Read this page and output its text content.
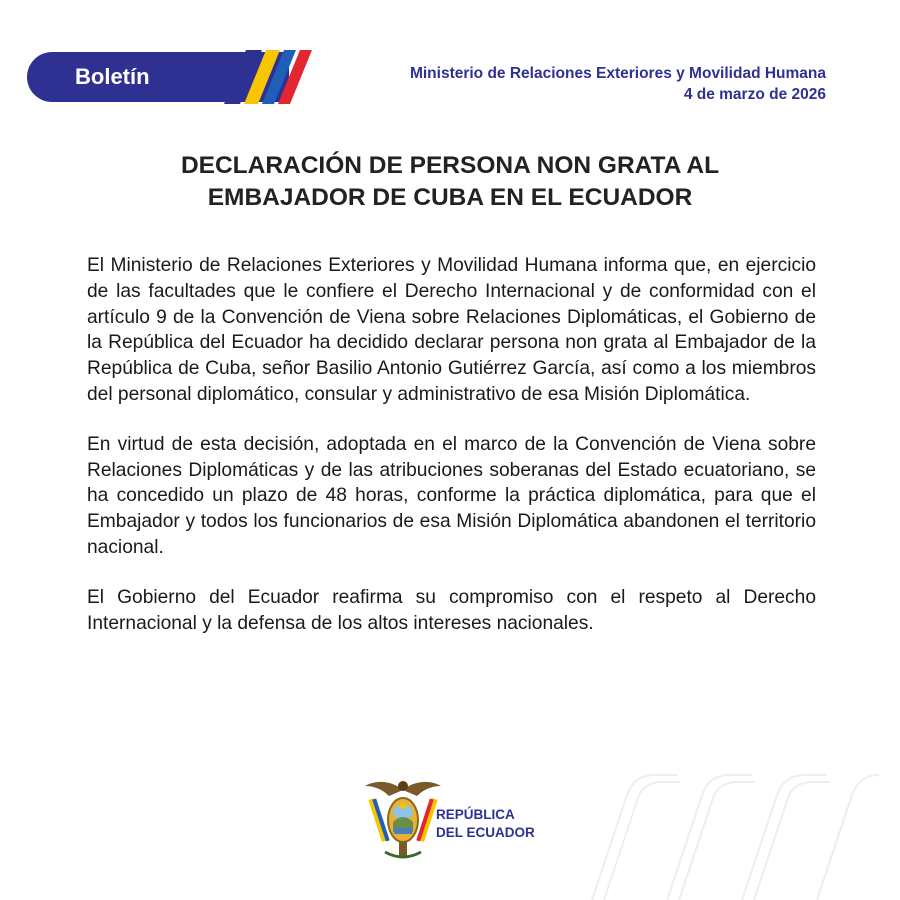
Boletín	Ministerio de Relaciones Exteriores y Movilidad Humana
4 de marzo de 2026
DECLARACIÓN DE PERSONA NON GRATA AL
EMBAJADOR DE CUBA EN EL ECUADOR

El Ministerio de Relaciones Exteriores y Movilidad Humana informa que, en ejercicio de las facultades que le confiere el Derecho Internacional y de conformidad con el artículo 9 de la Convención de Viena sobre Relaciones Diplomáticas, el Gobierno de la República del Ecuador ha decidido declarar persona non grata al Embajador de la República de Cuba, señor Basilio Antonio Gutiérrez García, así como a los miembros del personal diplomático, consular y administrativo de esa Misión Diplomática.

En virtud de esta decisión, adoptada en el marco de la Convención de Viena sobre Relaciones Diplomáticas y de las atribuciones soberanas del Estado ecuatoriano, se ha concedido un plazo de 48 horas, conforme la práctica diplomática, para que el Embajador y todos los funcionarios de esa Misión Diplomática abandonen el territorio nacional.

El Gobierno del Ecuador reafirma su compromiso con el respeto al Derecho Internacional y la defensa de los altos intereses nacionales.

REPÚBLICA
DEL ECUADOR
